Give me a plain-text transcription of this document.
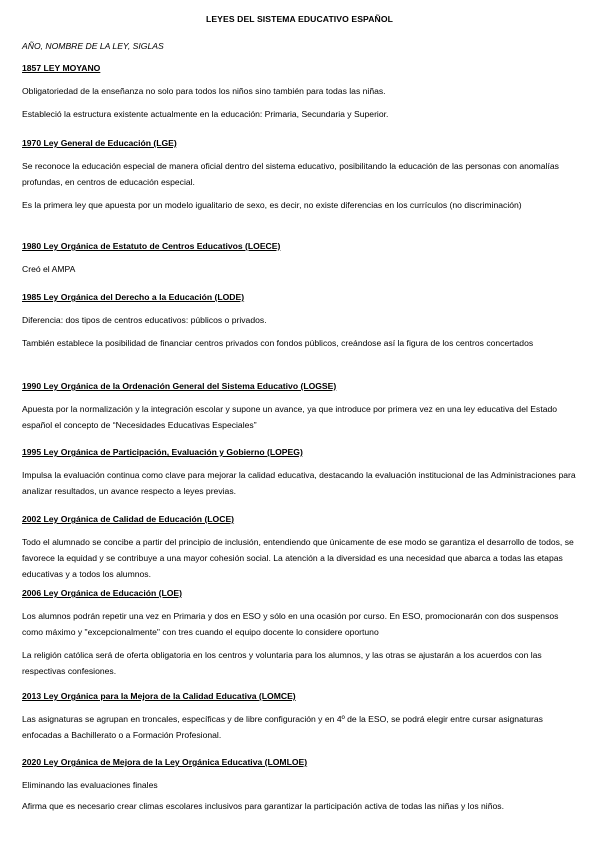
LEYES DEL SISTEMA EDUCATIVO ESPAÑOL
AÑO, NOMBRE DE LA LEY, SIGLAS
1857 LEY MOYANO

Obligatoriedad de la enseñanza no solo para todos los niños sino también para todas las niñas.

Estableció la estructura existente actualmente en la educación: Primaria, Secundaria y Superior.

1970 Ley General de Educación (LGE)

Se reconoce la educación especial de manera oficial dentro del sistema educativo, posibilitando la educación de las personas con anomalías profundas, en centros de educación especial.

Es la primera ley que apuesta por un modelo igualitario de sexo, es decir, no existe diferencias en los currículos (no discriminación)

1980 Ley Orgánica de Estatuto de Centros Educativos (LOECE)

Creó el AMPA

1985 Ley Orgánica del Derecho a la Educación (LODE)

Diferencia: dos tipos de centros educativos: públicos o privados.

También establece la posibilidad de financiar centros privados con fondos públicos, creándose así la figura de los centros concertados

1990 Ley Orgánica de la Ordenación General del Sistema Educativo (LOGSE)

Apuesta por la normalización y la integración escolar y supone un avance, ya que introduce por primera vez en una ley educativa del Estado español el concepto de “Necesidades Educativas Especiales”

1995 Ley Orgánica de Participación, Evaluación y Gobierno (LOPEG)

Impulsa la evaluación continua como clave para mejorar la calidad educativa, destacando la evaluación institucional de las Administraciones para analizar resultados, un avance respecto a leyes previas.

2002 Ley Orgánica de Calidad de Educación (LOCE)

Todo el alumnado se concibe a partir del principio de inclusión, entendiendo que únicamente de ese modo se garantiza el desarrollo de todos, se favorece la equidad y se contribuye a una mayor cohesión social. La atención a la diversidad es una necesidad que abarca a todas las etapas educativas y a todos los alumnos.

2006 Ley Orgánica de Educación (LOE)

Los alumnos podrán repetir una vez en Primaria y dos en ESO y sólo en una ocasión por curso. En ESO, promocionarán con dos suspensos como máximo y "excepcionalmente" con tres cuando el equipo docente lo considere oportuno

La religión católica será de oferta obligatoria en los centros y voluntaria para los alumnos, y las otras se ajustarán a los acuerdos con las respectivas confesiones.

2013 Ley Orgánica para la Mejora de la Calidad Educativa (LOMCE)

Las asignaturas se agrupan en troncales, específicas y de libre configuración y en 4º de la ESO, se podrá elegir entre cursar asignaturas enfocadas a Bachillerato o a Formación Profesional.

2020 Ley Orgánica de Mejora de la Ley Orgánica Educativa (LOMLOE)

Eliminando las evaluaciones finales

Afirma que es necesario crear climas escolares inclusivos para garantizar la participación activa de todas las niñas y los niños.
